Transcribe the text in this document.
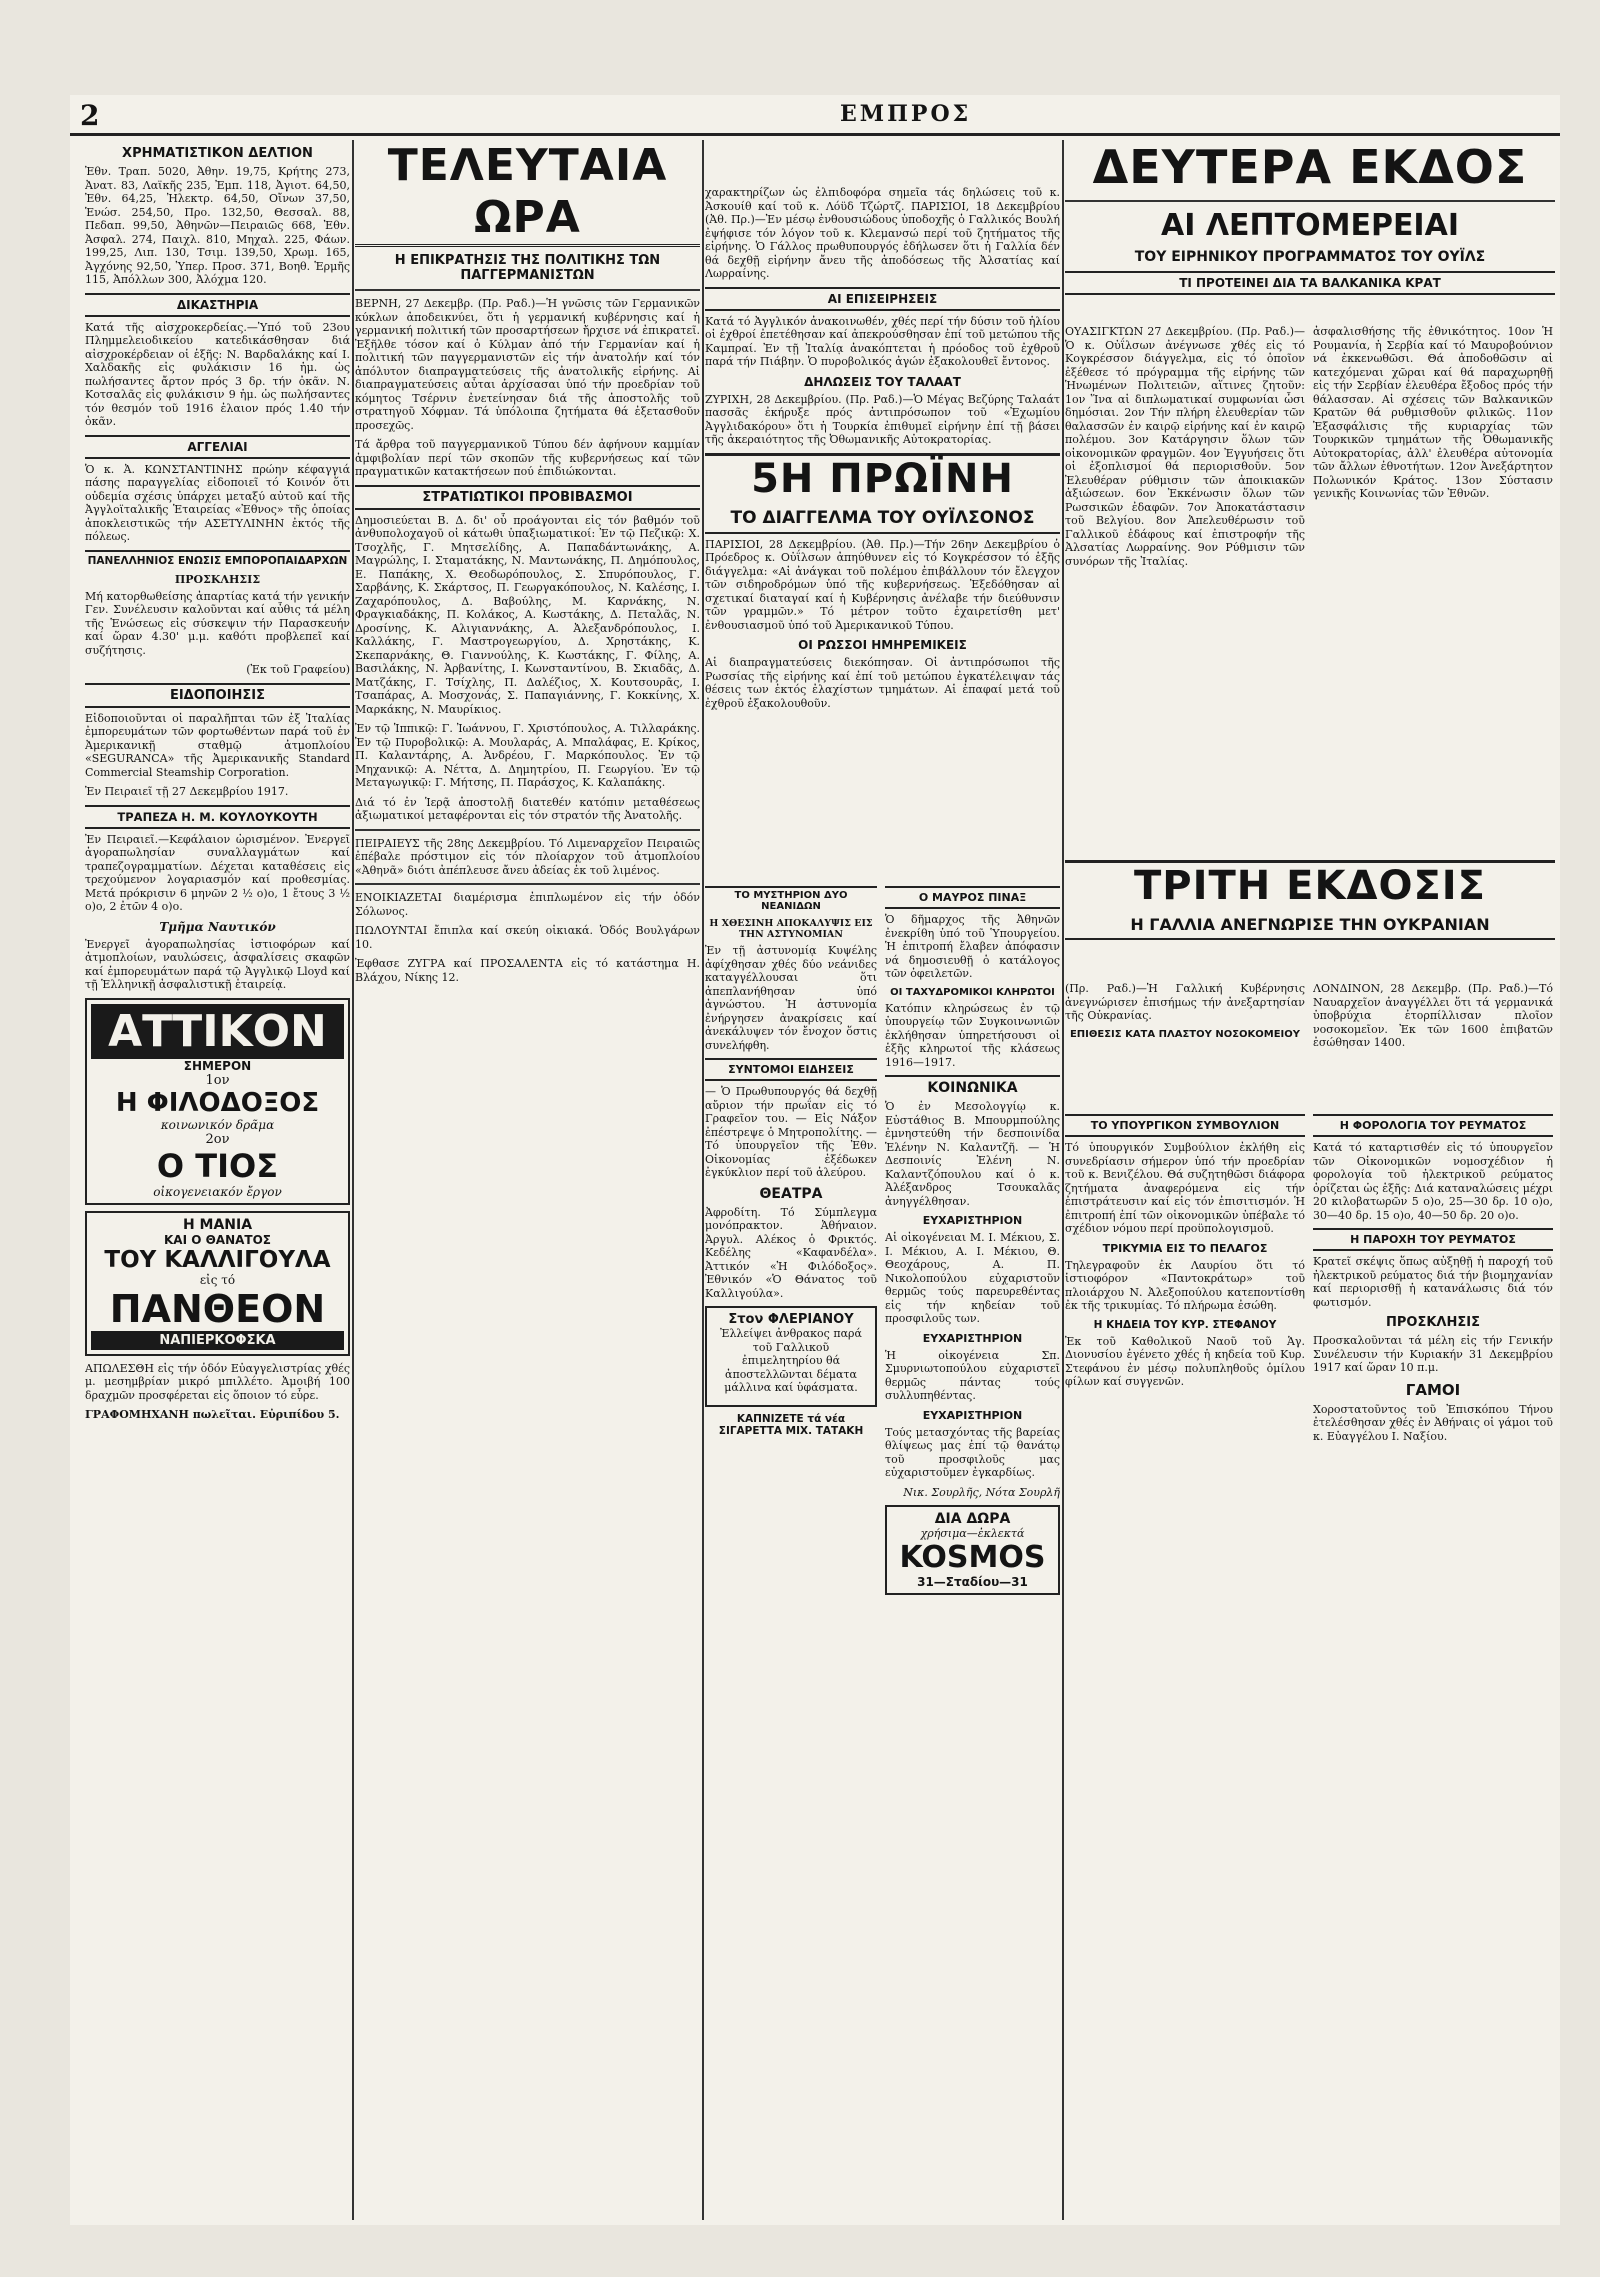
2	ΕΜΠΡΟΣ
ΧΡΗΜΑΤΙΣΤΙΚΟΝ ΔΕΛΤΙΟΝ

Ἐθν. Τραπ. 5020, Ἀθην. 19,75, Κρήτης 273, Ἀνατ. 83, Λαϊκῆς 235, Ἐμπ. 118, Ἀγιοτ. 64,50, Ἐθν. 64,25, Ἠλεκτρ. 64,50, Οἴνων 37,50, Ἑνώσ. 254,50, Προ. 132,50, Θεσσαλ. 88, Πεδαπ. 99,50, Ἀθηνῶν—Πειραιῶς 668, Ἐθν. Ἀσφαλ. 274, Παιχλ. 810, Μηχαλ. 225, Φάων. 199,25, Λιπ. 130, Τσιμ. 139,50, Χρωμ. 165, Ἀγχόνης 92,50, Ὑπερ. Προσ. 371, Βοηθ. Ἑρμῆς 115, Ἀπόλλων 300, Ἀλόχμα 120.

ΔΙΚΑΣΤΗΡΙΑ

Κατά τῆς αἰσχροκερδείας.—Ὑπό τοῦ 23ου Πλημμελειοδικείου κατεδικάσθησαν διά αἰσχροκέρδειαν οἱ ἑξῆς: Ν. Βαρδαλάκης καί Ι. Χαλδακῆς εἰς φυλάκισιν 16 ἡμ. ὡς πωλήσαντες ἄρτον πρός 3 δρ. τήν ὀκᾶν. Ν. Κοτσαλᾶς εἰς φυλάκισιν 9 ἡμ. ὡς πωλήσαντες τόν θεσμόν τοῦ 1916 ἐλαιον πρός 1.40 τήν ὀκᾶν.

ΑΓΓΕΛΙΑΙ

Ὁ κ. Ἀ. ΚΩΝΣΤΑΝΤΙΝΗΣ πρώην κέφαγγιά πάσης παραγγελίας εἰδοποιεῖ τό Κοινόν ὅτι οὐδεμία σχέσις ὑπάρχει μεταξύ αὐτοῦ καί τῆς Ἀγγλοϊταλικῆς Ἑταιρείας «Ἐθνος» τῆς ὁποίας ἀποκλειστικῶς τήν ΑΣΕΤΥΛΙΝΗΝ ἐκτός τῆς πόλεως.

ΠΑΝΕΛΛΗΝΙΟΣ ΕΝΩΣΙΣ ΕΜΠΟΡΟΠΑΙΔΑΡΧΩΝ
ΠΡΟΣΚΛΗΣΙΣ

Μή κατορθωθείσης ἀπαρτίας κατά τήν γενικήν Γεν. Συνέλευσιν καλοῦνται καί αὖθις τά μέλη τῆς Ἑνώσεως εἰς σύσκεψιν τήν Παρασκευήν καί ὥραν 4.30' μ.μ. καθότι προβλεπεῖ καί συζήτησις.

(Ἐκ τοῦ Γραφείου)

ΕΙΔΟΠΟΙΗΣΙΣ

Εἰδοποιοῦνται οἱ παραλῆπται τῶν ἐξ Ἰταλίας ἐμπορευμάτων τῶν φορτωθέντων παρά τοῦ ἐν Ἀμερικανικῇ σταθμῷ ἀτμοπλοίου «SEGURANCA» τῆς Ἀμερικανικῆς Standard Commercial Steamship Corporation.

Ἐν Πειραιεῖ τῇ 27 Δεκεμβρίου 1917.

ΤΡΑΠΕΖΑ Η. Μ. ΚΟΥΛΟΥΚΟΥΤΗ

Ἐν Πειραιεῖ.—Κεφάλαιον ὡρισμένον. Ἐνεργεῖ ἀγοραπωλησίαν συναλλαγμάτων καί τραπεζογραμματίων. Δέχεται καταθέσεις εἰς τρεχούμενον λογαριασμόν καί προθεσμίας. Μετά πρόκρισιν 6 μηνῶν 2 ½ ο)ο, 1 ἔτους 3 ½ ο)ο, 2 ἐτῶν 4 ο)ο.

Τμῆμα Ναυτικόν

Ἐνεργεῖ ἀγοραπωλησίας ἱστιοφόρων καί ἀτμοπλοίων, ναυλώσεις, ἀσφαλίσεις σκαφῶν καί ἐμπορευμάτων παρά τῷ Ἀγγλικῷ Lloyd καί τῇ Ἑλληνικῇ ἀσφαλιστικῇ ἑταιρείᾳ.

ΑΤΤΙΚΟΝ
ΣΗΜΕΡΟΝ
1ον
Η ΦΙΛΟΔΟΞΟΣ
κοινωνικόν δρᾶμα
2ον
Ο ΤΙΟΣ
οἰκογενειακόν ἔργον
Η ΜΑΝΙΑ
ΚΑΙ Ο ΘΑΝΑΤΟΣ
ΤΟΥ ΚΑΛΛΙΓΟΥΛΑ
εἰς τό
ΠΑΝΘΕΟΝ
ΝΑΠΙΕΡΚΟΦΣΚΑ

ΑΠΩΛΕΣΘΗ εἰς τήν ὁδόν Εὐαγγελιστρίας χθές μ. μεσημβρίαν μικρό μπιλλέτο. Ἀμοιβή 100 δραχμῶν προσφέρεται εἰς ὅποιον τό εὗρε.

ΓΡΑΦΟΜΗΧΑΝΗ πωλεῖται. Εὐριπίδου 5.

ΤΕΛΕΥΤΑΙΑ ΩΡΑ
Η ΕΠΙΚΡΑΤΗΣΙΣ ΤΗΣ ΠΟΛΙΤΙΚΗΣ ΤΩΝ ΠΑΓΓΕΡΜΑΝΙΣΤΩΝ

ΒΕΡΝΗ, 27 Δεκεμβρ. (Πρ. Ραδ.)—Ἡ γνῶσις τῶν Γερμανικῶν κύκλων ἀποδεικνύει, ὅτι ἡ γερμανική κυβέρνησις καί ἡ γερμανική πολιτική τῶν προσαρτήσεων ἤρχισε νά ἐπικρατεῖ. Ἐξῆλθε τόσον καί ὁ Κύλμαν ἀπό τήν Γερμανίαν καί ἡ πολιτική τῶν παγγερμανιστῶν εἰς τήν ἀνατολήν καί τόν ἀπόλυτον διαπραγματεύσεις τῆς ἀνατολικῆς εἰρήνης. Αἱ διαπραγματεύσεις αὗται ἀρχίσασαι ὑπό τήν προεδρίαν τοῦ κόμητος Τσέρνιν ἐνετείνησαν διά τῆς ἀποστολῆς τοῦ στρατηγοῦ Χόφμαν. Τά ὑπόλοιπα ζητήματα θά ἐξετασθοῦν προσεχῶς.

Τά ἄρθρα τοῦ παγγερμανικοῦ Τύπου δέν ἀφήνουν καμμίαν ἀμφιβολίαν περί τῶν σκοπῶν τῆς κυβερνήσεως καί τῶν πραγματικῶν κατακτήσεων πού ἐπιδιώκονται.

ΣΤΡΑΤΙΩΤΙΚΟΙ ΠΡΟΒΙΒΑΣΜΟΙ

Δημοσιεύεται Β. Δ. δι' οὗ προάγονται εἰς τόν βαθμόν τοῦ ἀνθυπολοχαγοῦ οἱ κάτωθι ὑπαξιωματικοί: Ἐν τῷ Πεζικῷ: Χ. Τσοχλῆς, Γ. Μητσελίδης, Α. Παπαδάντωνάκης, Α. Μαγρώλης, Ι. Σταματάκης, Ν. Μαντωνάκης, Π. Δημόπουλος, Ε. Παπάκης, Χ. Θεοδωρόπουλος, Σ. Σπυρόπουλος, Γ. Σαρβάνης, Κ. Σκάρτσος, Π. Γεωργακόπουλος, Ν. Καλέσης, Ι. Ζαχαρόπουλος, Δ. Βαβούλης, Μ. Καρνάκης, Ν. Φραγκιαδάκης, Π. Κολάκος, Α. Κωστάκης, Δ. Πεταλᾶς, Ν. Δροσίνης, Κ. Αλιγιαννάκης, Α. Ἀλεξανδρόπουλος, Ι. Καλλάκης, Γ. Μαστρογεωργίου, Δ. Χρηστάκης, Κ. Σκεπαρνάκης, Θ. Γιαννούλης, Κ. Κωστάκης, Γ. Φίλης, Α. Βασιλάκης, Ν. Ἀρβανίτης, Ι. Κωνσταντίνου, Β. Σκιαδᾶς, Δ. Ματζάκης, Γ. Τσίχλης, Π. Δαλέζιος, Χ. Κουτσουρᾶς, Ι. Τσαπάρας, Α. Μοσχονάς, Σ. Παπαγιάννης, Γ. Κοκκίνης, Χ. Μαρκάκης, Ν. Μαυρίκιος.

Ἐν τῷ Ἱππικῷ: Γ. Ἰωάννου, Γ. Χριστόπουλος, Α. Τιλλαράκης. Ἐν τῷ Πυροβολικῷ: Α. Μουλαράς, Α. Μπαλάφας, Ε. Κρίκος, Π. Καλαντάρης, Α. Ἀνδρέου, Γ. Μαρκόπουλος. Ἐν τῷ Μηχανικῷ: Α. Νέττα, Δ. Δημητρίου, Π. Γεωργίου. Ἐν τῷ Μεταγωγικῷ: Γ. Μήτσης, Π. Παράσχος, Κ. Καλαπάκης.

Διά τό ἐν Ἱερᾷ ἀποστολῇ διατεθέν κατόπιν μεταθέσεως ἀξιωματικοί μεταφέρονται εἰς τόν στρατόν τῆς Ἀνατολῆς.

ΠΕΙΡΑΙΕΥΣ τῆς 28ης Δεκεμβρίου. Τό Λιμεναρχεῖον Πειραιῶς ἐπέβαλε πρόστιμον εἰς τόν πλοίαρχον τοῦ ἀτμοπλοίου «Ἀθηνᾶ» διότι ἀπέπλευσε ἄνευ ἀδείας ἐκ τοῦ λιμένος.

ΕΝΟΙΚΙΑΖΕΤΑΙ διαμέρισμα ἐπιπλωμένον εἰς τήν ὁδόν Σόλωνος.

ΠΩΛΟΥΝΤΑΙ ἔπιπλα καί σκεύη οἰκιακά. Ὁδός Βουλγάρων 10.

Ἐφθασε ΖΥΓΡΑ καί ΠΡΟΣΑΛΕΝΤΑ εἰς τό κατάστημα Η. Βλάχου, Νίκης 12.

χαρακτηρίζων ὡς ἐλπιδοφόρα σημεῖα τάς δηλώσεις τοῦ κ. Ἀσκουίθ καί τοῦ κ. Λόϋδ Τζώρτζ. ΠΑΡΙΣΙΟΙ, 18 Δεκεμβρίου (Ἀθ. Πρ.)—Ἐν μέσῳ ἐνθουσιώδους ὑποδοχῆς ὁ Γαλλικός Βουλή ἐψήφισε τόν λόγον τοῦ κ. Κλεμανσώ περί τοῦ ζητήματος τῆς εἰρήνης. Ὁ Γάλλος πρωθυπουργός ἐδήλωσεν ὅτι ἡ Γαλλία δέν θά δεχθῇ εἰρήνην ἄνευ τῆς ἀποδόσεως τῆς Ἀλσατίας καί Λωρραίνης.

ΑΙ ΕΠΙΣΕΙΡΗΣΕΙΣ

Κατά τό Ἀγγλικόν ἀνακοινωθέν, χθές περί τήν δύσιν τοῦ ἡλίου οἱ ἐχθροί ἐπετέθησαν καί ἀπεκρούσθησαν ἐπί τοῦ μετώπου τῆς Καμπραί. Ἐν τῇ Ἰταλίᾳ ἀνακόπτεται ἡ πρόοδος τοῦ ἐχθροῦ παρά τήν Πιάβην. Ὁ πυροβολικός ἀγών ἐξακολουθεῖ ἔντονος.

ΔΗΛΩΣΕΙΣ ΤΟΥ ΤΑΛΑΑΤ

ΖΥΡΙΧΗ, 28 Δεκεμβρίου. (Πρ. Ραδ.)—Ὁ Μέγας Βεζύρης Ταλαάτ πασσᾶς ἐκήρυξε πρός ἀντιπρόσωπον τοῦ «Ἐχωμίου Ἀγγλιδακόρου» ὅτι ἡ Τουρκία ἐπιθυμεῖ εἰρήνην ἐπί τῇ βάσει τῆς ἀκεραιότητος τῆς Ὀθωμανικῆς Αὐτοκρατορίας.

5Η ΠΡΩΪΝΗ
ΤΟ ΔΙΑΓΓΕΛΜΑ ΤΟΥ ΟΥΪΛΣΟΝΟΣ

ΠΑΡΙΣΙΟΙ, 28 Δεκεμβρίου. (Ἀθ. Πρ.)—Τήν 26ην Δεκεμβρίου ὁ Πρόεδρος κ. Οὐΐλσων ἀπηύθυνεν εἰς τό Κογκρέσσον τό ἑξῆς διάγγελμα: «Αἱ ἀνάγκαι τοῦ πολέμου ἐπιβάλλουν τόν ἔλεγχον τῶν σιδηροδρόμων ὑπό τῆς κυβερνήσεως. Ἐξεδόθησαν αἱ σχετικαί διαταγαί καί ἡ Κυβέρνησις ἀνέλαβε τήν διεύθυνσιν τῶν γραμμῶν.» Τό μέτρον τοῦτο ἐχαιρετίσθη μετ' ἐνθουσιασμοῦ ὑπό τοῦ Ἀμερικανικοῦ Τύπου.

ΟΙ ΡΩΣΣΟΙ ΗΜΗΡΕΜΙΚΕΙΣ

Αἱ διαπραγματεύσεις διεκόπησαν. Οἱ ἀντιπρόσωποι τῆς Ρωσσίας τῆς εἰρήνης καί ἐπί τοῦ μετώπου ἐγκατέλειψαν τάς θέσεις των ἐκτός ἐλαχίστων τμημάτων. Αἱ ἐπαφαί μετά τοῦ ἐχθροῦ ἐξακολουθοῦν.

ΤΟ ΜΥΣΤΗΡΙΟΝ ΔΥΟ ΝΕΑΝΙΔΩΝ
Η ΧΘΕΣΙΝΗ ΑΠΟΚΑΛΥΨΙΣ ΕΙΣ ΤΗΝ ΑΣΤΥΝΟΜΙΑΝ

Ἐν τῇ ἀστυνομίᾳ Κυψέλης ἀφίχθησαν χθές δύο νεάνιδες καταγγέλλουσαι ὅτι ἀπεπλανήθησαν ὑπό ἀγνώστου. Ἡ ἀστυνομία ἐνήργησεν ἀνακρίσεις καί ἀνεκάλυψεν τόν ἔνοχον ὅστις συνελήφθη.

ΣΥΝΤΟΜΟΙ ΕΙΔΗΣΕΙΣ

— Ὁ Πρωθυπουργός θά δεχθῇ αὔριον τήν πρωΐαν εἰς τό Γραφεῖον του. — Εἰς Νάξον ἐπέστρεψε ὁ Μητροπολίτης. — Τό ὑπουργεῖον τῆς Ἐθν. Οἰκονομίας ἐξέδωκεν ἐγκύκλιον περί τοῦ ἀλεύρου.

ΘΕΑΤΡΑ

Ἀφροδίτη. Τό Σύμπλεγμα μονόπρακτον. Ἀθήναιον. Ἀργυλ. Αλέκος ὁ Φρικτός. Κεδέλης «Καφανδέλα». Ἀττικόν «Ἡ Φιλόδοξος». Ἐθνικόν «Ὁ Θάνατος τοῦ Καλλιγούλα».

Στον ΦΛΕΡΙΑΝΟΥ

Ἐλλείψει ἀνθρακος παρά τοῦ Γαλλικοῦ ἐπιμελητηρίου θά ἀποστελλῶνται δέματα μάλλινα καί ὑφάσματα.

ΚΑΠΝΙΖΕΤΕ τά νέα ΣΙΓΑΡΕΤΤΑ ΜΙΧ. ΤΑΤΑΚΗ
Ο ΜΑΥΡΟΣ ΠΙΝΑΞ

Ὁ δῆμαρχος τῆς Ἀθηνῶν ἐνεκρίθη ὑπό τοῦ Ὑπουργείου. Ἡ ἐπιτροπή ἔλαβεν ἀπόφασιν νά δημοσιευθῇ ὁ κατάλογος τῶν ὀφειλετῶν.

ΟΙ ΤΑΧΥΔΡΟΜΙΚΟΙ ΚΛΗΡΩΤΟΙ

Κατόπιν κληρώσεως ἐν τῷ ὑπουργείῳ τῶν Συγκοινωνιῶν ἐκλήθησαν ὑπηρετήσουσι οἱ ἑξῆς κληρωτοί τῆς κλάσεως 1916—1917.

ΚΟΙΝΩΝΙΚΑ

Ὁ ἐν Μεσολογγίῳ κ. Εὐστάθιος Β. Μπουρμπούλης ἐμνηστεύθη τήν δεσποινίδα Ἑλένην Ν. Καλαντζῆ. — Ἡ Δεσποινίς Ἑλένη Ν. Καλαντζόπουλου καί ὁ κ. Ἀλέξανδρος Τσουκαλᾶς ἀνηγγέλθησαν.

ΕΥΧΑΡΙΣΤΗΡΙΟΝ

Αἱ οἰκογένειαι Μ. Ι. Μέκιου, Σ. Ι. Μέκιου, Α. Ι. Μέκιου, Θ. Θεοχάρους, Α. Π. Νικολοπούλου εὐχαριστοῦν θερμῶς τούς παρευρεθέντας εἰς τήν κηδείαν τοῦ προσφιλοῦς των.

ΕΥΧΑΡΙΣΤΗΡΙΟΝ

Ἡ οἰκογένεια Σπ. Σμυρνιωτοπούλου εὐχαριστεῖ θερμῶς πάντας τούς συλλυπηθέντας.

ΕΥΧΑΡΙΣΤΗΡΙΟΝ

Τούς μετασχόντας τῆς βαρείας θλίψεως μας ἐπί τῷ θανάτῳ τοῦ προσφιλοῦς μας εὐχαριστοῦμεν ἐγκαρδίως.

Νικ. Σουρλῆς, Νότα Σουρλῆ

ΔΙΑ ΔΩΡΑ
χρήσιμα—ἐκλεκτά
KOSMOS
31—Σταδίου—31
ΔΕΥΤΕΡΑ ΕΚΔΟΣ
ΑΙ ΛΕΠΤΟΜΕΡΕΙΑΙ
ΤΟΥ ΕΙΡΗΝΙΚΟΥ ΠΡΟΓΡΑΜΜΑΤΟΣ ΤΟΥ ΟΥΪΛΣ
ΤΙ ΠΡΟΤΕΙΝΕΙ ΔΙΑ ΤΑ ΒΑΛΚΑΝΙΚΑ ΚΡΑΤ

ΟΥΑΣΙΓΚΤΩΝ 27 Δεκεμβρίου. (Πρ. Ραδ.)—Ὁ κ. Οὐΐλσων ἀνέγνωσε χθές εἰς τό Κογκρέσσον διάγγελμα, εἰς τό ὁποῖον ἐξέθεσε τό πρόγραμμα τῆς εἰρήνης τῶν Ἡνωμένων Πολιτειῶν, αἵτινες ζητοῦν: 1ον Ἵνα αἱ διπλωματικαί συμφωνίαι ὦσι δημόσιαι. 2ον Τήν πλήρη ἐλευθερίαν τῶν θαλασσῶν ἐν καιρῷ εἰρήνης καί ἐν καιρῷ πολέμου. 3ον Κατάργησιν ὅλων τῶν οἰκονομικῶν φραγμῶν. 4ον Ἐγγυήσεις ὅτι οἱ ἐξοπλισμοί θά περιορισθοῦν. 5ον Ἐλευθέραν ρύθμισιν τῶν ἀποικιακῶν ἀξιώσεων. 6ον Ἐκκένωσιν ὅλων τῶν Ρωσσικῶν ἐδαφῶν. 7ον Ἀποκατάστασιν τοῦ Βελγίου. 8ον Ἀπελευθέρωσιν τοῦ Γαλλικοῦ ἐδάφους καί ἐπιστροφήν τῆς Ἀλσατίας Λωρραίνης. 9ον Ρύθμισιν τῶν συνόρων τῆς Ἰταλίας.

ἀσφαλισθήσης τῆς ἐθνικότητος. 10ον Ἡ Ρουμανία, ἡ Σερβία καί τό Μαυροβούνιον νά ἐκκενωθῶσι. Θά ἀποδοθῶσιν αἱ κατεχόμεναι χῶραι καί θά παραχωρηθῇ εἰς τήν Σερβίαν ἐλευθέρα ἔξοδος πρός τήν θάλασσαν. Αἱ σχέσεις τῶν Βαλκανικῶν Κρατῶν θά ρυθμισθοῦν φιλικῶς. 11ον Ἐξασφάλισις τῆς κυριαρχίας τῶν Τουρκικῶν τμημάτων τῆς Ὀθωμανικῆς Αὐτοκρατορίας, ἀλλ' ἐλευθέρα αὐτονομία τῶν ἄλλων ἐθνοτήτων. 12ον Ἀνεξάρτητον Πολωνικόν Κράτος. 13ον Σύστασιν γενικῆς Κοινωνίας τῶν Ἐθνῶν.

ΤΡΙΤΗ ΕΚΔΟΣΙΣ
Η ΓΑΛΛΙΑ ΑΝΕΓΝΩΡΙΣΕ ΤΗΝ ΟΥΚΡΑΝΙΑΝ

(Πρ. Ραδ.)—Ἡ Γαλλική Κυβέρνησις ἀνεγνώρισεν ἐπισήμως τήν ἀνεξαρτησίαν τῆς Οὐκρανίας.

ΕΠΙΘΕΣΙΣ ΚΑΤΑ ΠΛΑΣΤΟΥ ΝΟΣΟΚΟΜΕΙΟΥ

ΛΟΝΔΙΝΟΝ, 28 Δεκεμβρ. (Πρ. Ραδ.)—Τό Ναυαρχεῖον ἀναγγέλλει ὅτι τά γερμανικά ὑποβρύχια ἐτορπίλλισαν πλοῖον νοσοκομεῖον. Ἐκ τῶν 1600 ἐπιβατῶν ἐσώθησαν 1400.

ΤΟ ΥΠΟΥΡΓΙΚΟΝ ΣΥΜΒΟΥΛΙΟΝ

Τό ὑπουργικόν Συμβούλιον ἐκλήθη εἰς συνεδρίασιν σήμερον ὑπό τήν προεδρίαν τοῦ κ. Βενιζέλου. Θά συζητηθῶσι διάφορα ζητήματα ἀναφερόμενα εἰς τήν ἐπιστράτευσιν καί εἰς τόν ἐπισιτισμόν. Ἡ ἐπιτροπή ἐπί τῶν οἰκονομικῶν ὑπέβαλε τό σχέδιον νόμου περί προϋπολογισμοῦ.

ΤΡΙΚΥΜΙΑ ΕΙΣ ΤΟ ΠΕΛΑΓΟΣ

Τηλεγραφοῦν ἐκ Λαυρίου ὅτι τό ἱστιοφόρον «Παντοκράτωρ» τοῦ πλοιάρχου Ν. Ἀλεξοπούλου κατεποντίσθη ἐκ τῆς τρικυμίας. Τό πλήρωμα ἐσώθη.

Η ΚΗΔΕΙΑ ΤΟΥ ΚΥΡ. ΣΤΕΦΑΝΟΥ

Ἐκ τοῦ Καθολικοῦ Ναοῦ τοῦ Ἁγ. Διονυσίου ἐγένετο χθές ἡ κηδεία τοῦ Κυρ. Στεφάνου ἐν μέσῳ πολυπληθοῦς ὁμίλου φίλων καί συγγενῶν.

Η ΦΟΡΟΛΟΓΙΑ ΤΟΥ ΡΕΥΜΑΤΟΣ

Κατά τό καταρτισθέν εἰς τό ὑπουργεῖον τῶν Οἰκονομικῶν νομοσχέδιον ἡ φορολογία τοῦ ἠλεκτρικοῦ ρεύματος ὁρίζεται ὡς ἑξῆς: Διά καταναλώσεις μέχρι 20 κιλοβατωρῶν 5 ο)ο, 25—30 δρ. 10 ο)ο, 30—40 δρ. 15 ο)ο, 40—50 δρ. 20 ο)ο.

Η ΠΑΡΟΧΗ ΤΟΥ ΡΕΥΜΑΤΟΣ

Κρατεῖ σκέψις ὅπως αὐξηθῇ ἡ παροχή τοῦ ἠλεκτρικοῦ ρεύματος διά τήν βιομηχανίαν καί περιορισθῇ ἡ κατανάλωσις διά τόν φωτισμόν.

ΠΡΟΣΚΛΗΣΙΣ

Προσκαλοῦνται τά μέλη εἰς τήν Γενικήν Συνέλευσιν τήν Κυριακήν 31 Δεκεμβρίου 1917 καί ὥραν 10 π.μ.

ΓΑΜΟΙ

Χοροστατοῦντος τοῦ Ἐπισκόπου Τήνου ἐτελέσθησαν χθές ἐν Ἀθήναις οἱ γάμοι τοῦ κ. Εὐαγγέλου Ι. Ναξίου.
